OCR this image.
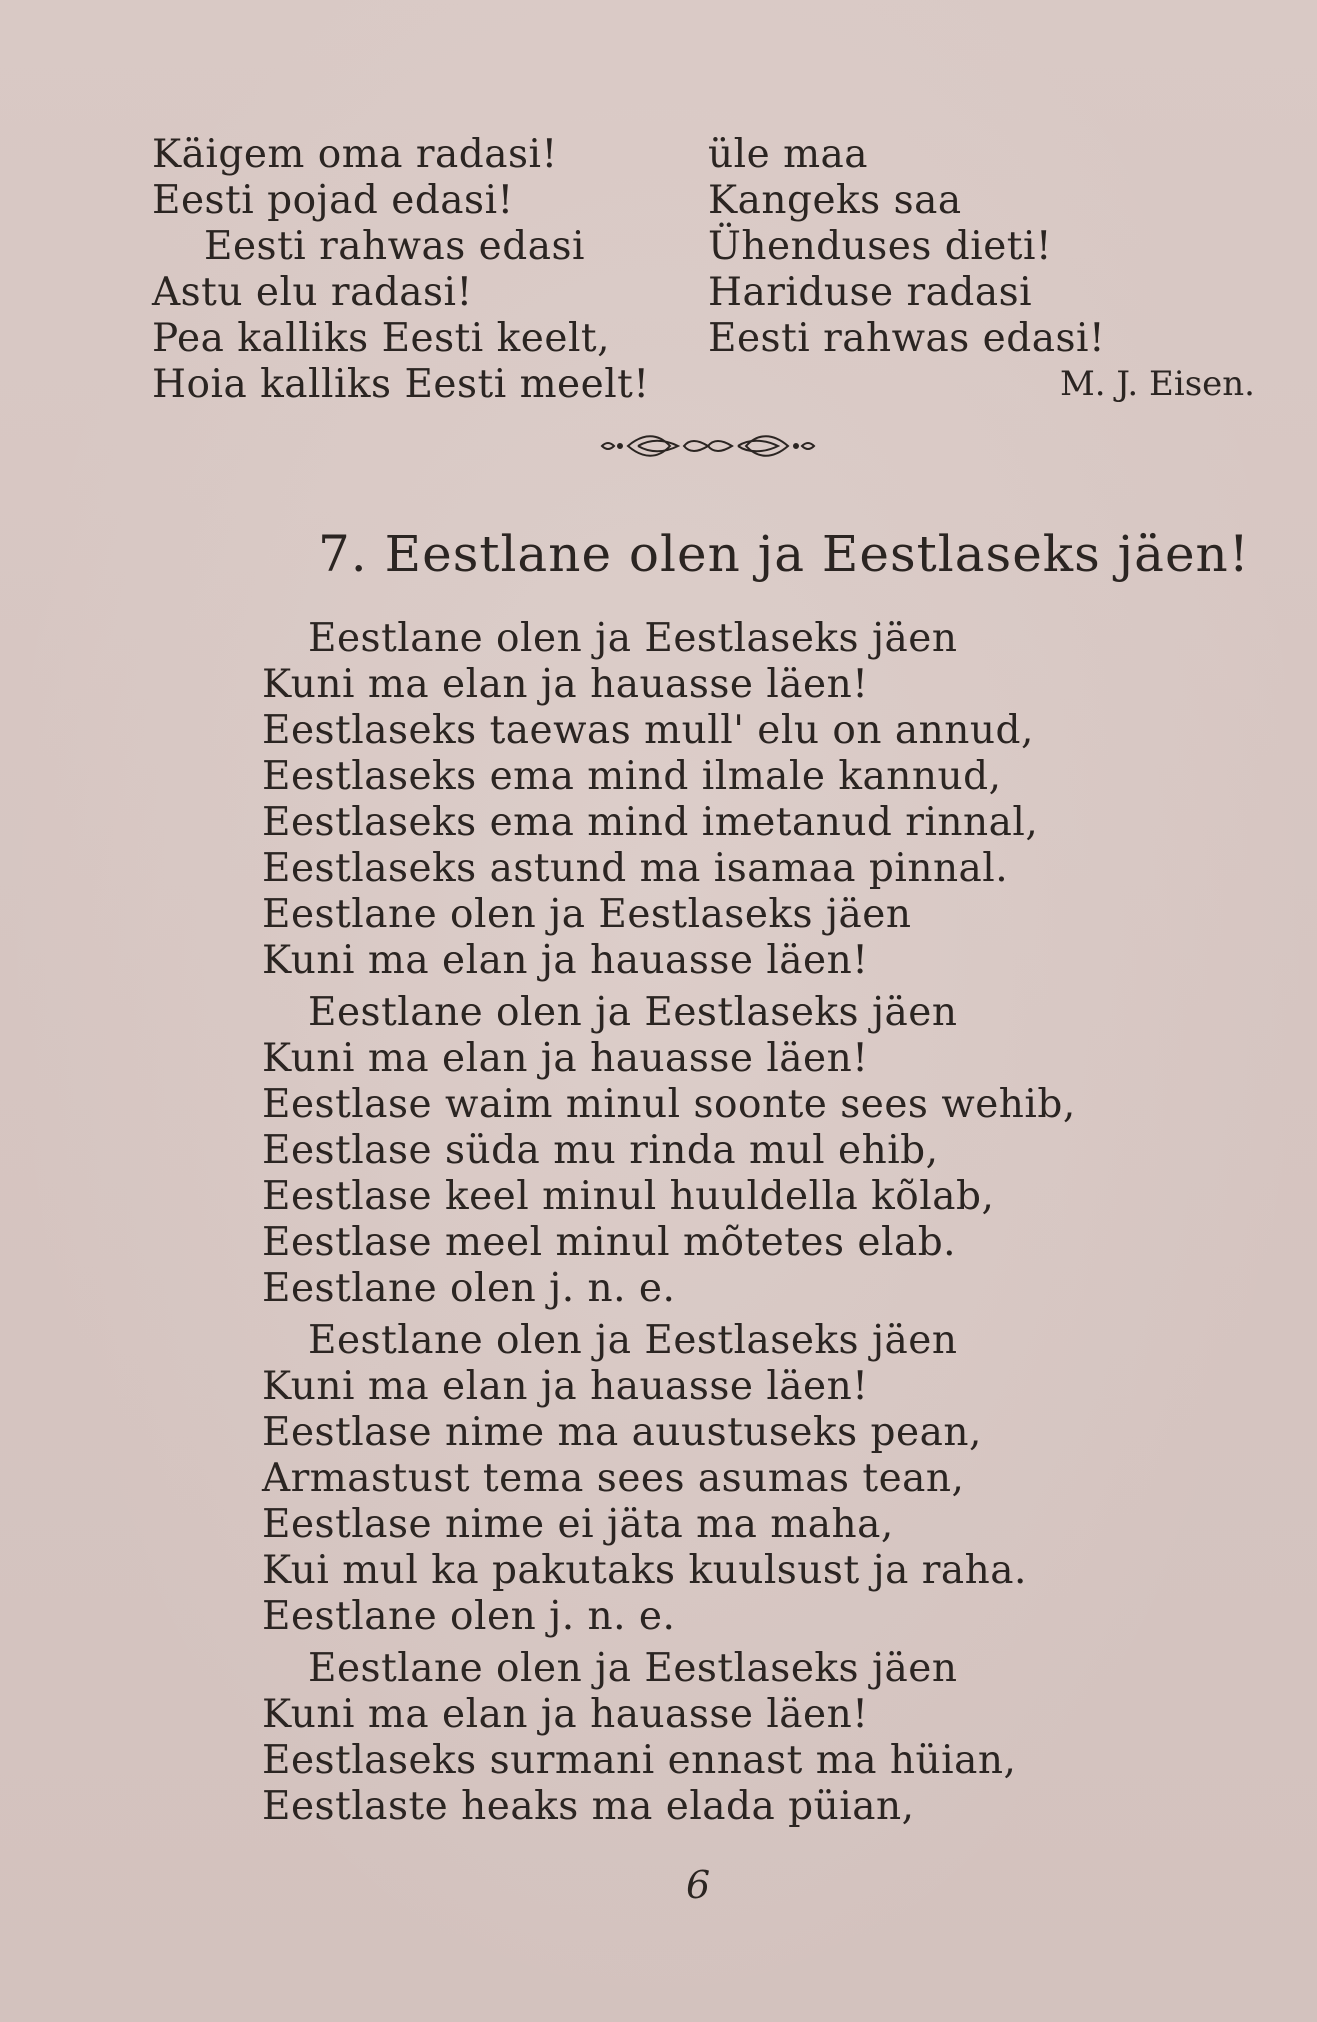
Käigem oma radasi!
Eesti pojad edasi!
Eesti rahwas edasi
Astu elu radasi!
Pea kalliks Eesti keelt,
Hoia kalliks Eesti meelt!
üle maa
Kangeks saa
Ühendusеs dieti!
Hariduse radasi
Eesti rahwas edasi!
M. J. Eisen.
7. Eestlane olen ja Eestlaseks jäen!
Eestlane olen ja Eestlaseks jäen
Kuni ma elan ja hauasse läen!
Eestlaseks taewas mull' elu on annud,
Eestlaseks ema mind ilmale kannud,
Eestlaseks ema mind imetanud rinnal,
Eestlaseks astund ma isamaa pinnal.
Eestlane olen ja Eestlaseks jäen
Kuni ma elan ja hauasse läen!
Eestlane olen ja Eestlaseks jäen
Kuni ma elan ja hauasse läen!
Eestlase waim minul soonte sees wehib,
Eestlase süda mu rinda mul ehib,
Eestlase keel minul huuldella kõlab,
Eestlase meel minul mõtetes elab.
Eestlane olen j. n. e.
Eestlane olen ja Eestlaseks jäen
Kuni ma elan ja hauasse läen!
Eestlase nime ma auustuseks pean,
Armastust tema sees asumas tean,
Eestlase nime ei jäta ma maha,
Kui mul ka pakutaks kuulsust ja raha.
Eestlane olen j. n. e.
Eestlane olen ja Eestlaseks jäen
Kuni ma elan ja hauasse läen!
Eestlaseks surmani ennast ma hüian,
Eestlaste heaks ma elada püian,
6
